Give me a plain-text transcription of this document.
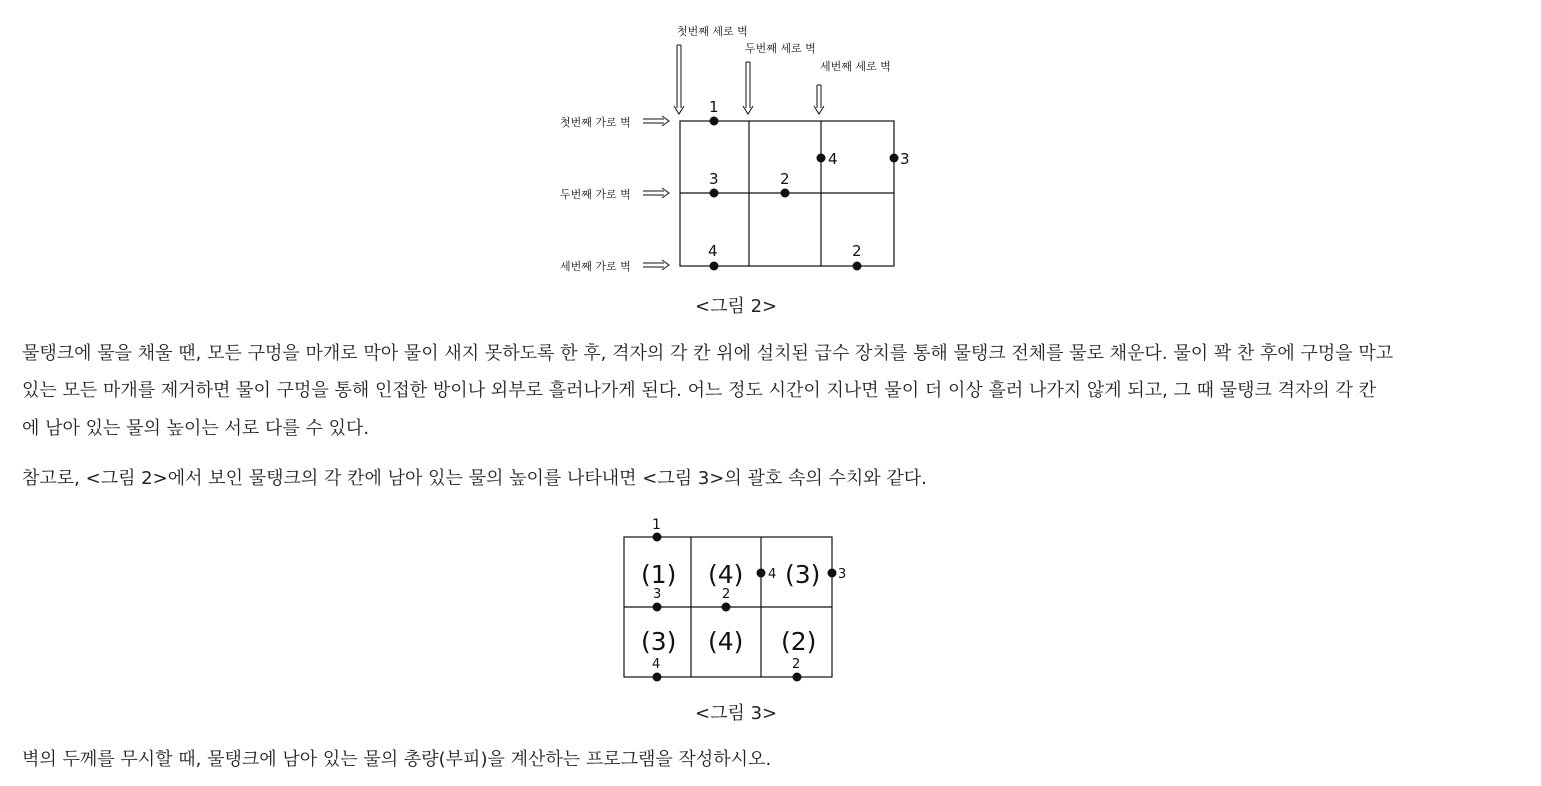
첫번째 세로 벽
두번째 세로 벽
세번째 세로 벽
첫번째 가로 벽
두번째 가로 벽
세번째 가로 벽
1
3	2
4	3
4	2
(1) (4) (3)
(3) (4) (2)
1
3	2
4	3
4	2
<그림 2>

물탱크에 물을 채울 땐, 모든 구멍을 마개로 막아 물이 새지 못하도록 한 후, 격자의 각 칸 위에 설치된 급수 장치를 통해 물탱크 전체를 물로 채운다. 물이 꽉 찬 후에 구멍을 막고

있는 모든 마개를 제거하면 물이 구멍을 통해 인접한 방이나 외부로 흘러나가게 된다. 어느 정도 시간이 지나면 물이 더 이상 흘러 나가지 않게 되고, 그 때 물탱크 격자의 각 칸

에 남아 있는 물의 높이는 서로 다를 수 있다.

참고로, <그림 2>에서 보인 물탱크의 각 칸에 남아 있는 물의 높이를 나타내면 <그림 3>의 괄호 속의 수치와 같다.

<그림 3>

벽의 두께를 무시할 때, 물탱크에 남아 있는 물의 총량(부피)을 계산하는 프로그램을 작성하시오.
